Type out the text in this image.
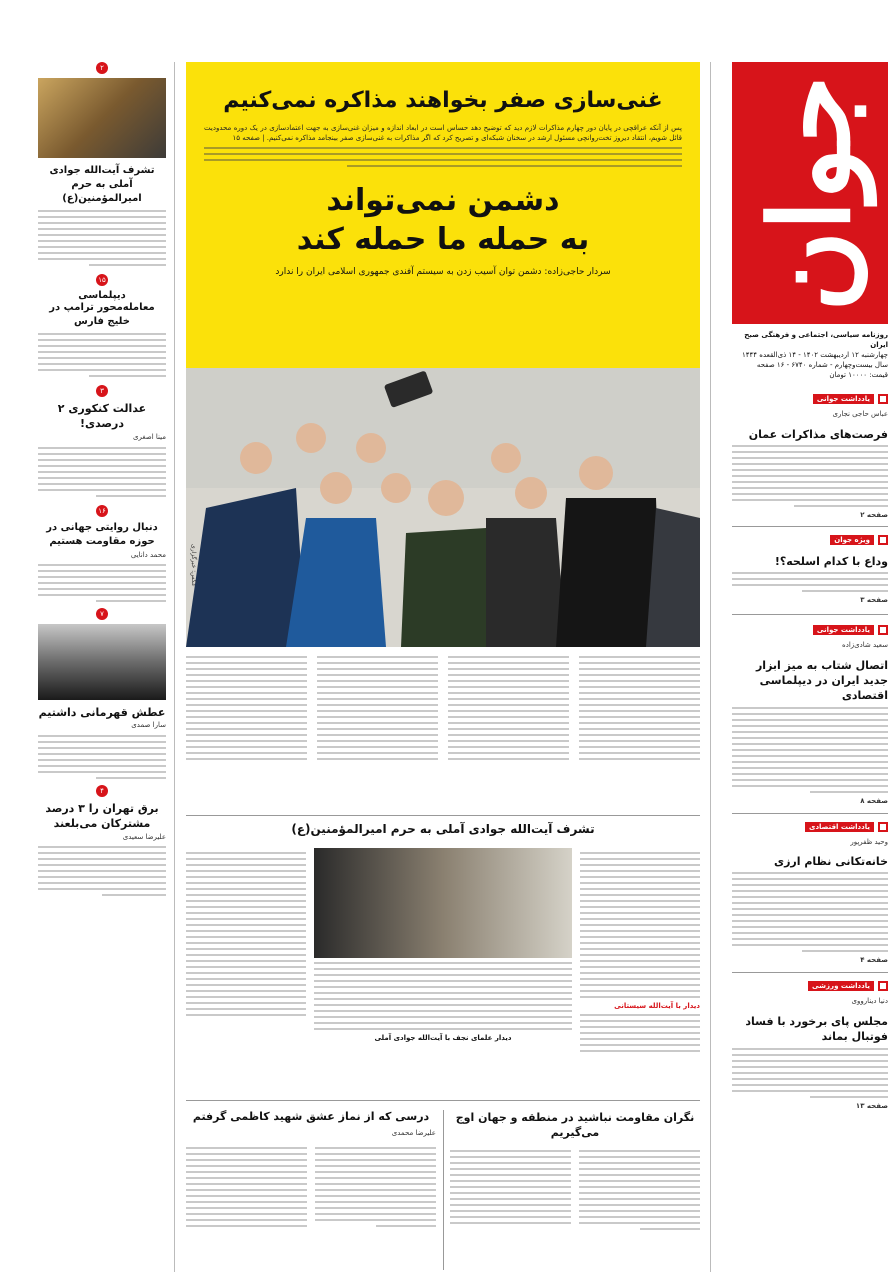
جوان
روزنامه سیاسی، اجتماعی و فرهنگی صبح ایران
چهارشنبه ۱۲ اردیبهشت ۱۴۰۲ - ۱۴ ذی‌القعده ۱۴۴۴
سال بیست‌وچهارم - شماره ۶۷۴۰ - ۱۶ صفحه
قیمت: ۱۰۰۰۰ تومان
یادداشت جوانی
عباس حاجی نجاری
فرصت‌های مذاکرات عمان
صفحه ۲
ویژه جوان
وداع با کدام اسلحه؟!
صفحه ۳
یادداشت جوانی
سعید شادی‌زاده
اتصال شتاب به میز ابزار جدید ایران در دیپلماسی اقتصادی
صفحه ۸
یادداشت اقتصادی
وحید ظفرپور
خانه‌تکانی نظام ارزی
صفحه ۴
یادداشت ورزشی
دنیا دینارووی
مجلس پای برخورد با فساد فوتبال بماند
صفحه ۱۳
غنی‌سازی صفر بخواهند مذاکره نمی‌کنیم
پس از آنکه عراقچی در پایان دور چهارم مذاکرات لازم دید که توضیح دهد حساس است در ابعاد اندازه و میزان غنی‌سازی به جهت اعتمادسازی در یک دوره محدودیت قائل شویم، انتقاد دیروز تخت‌روانچی مسئول ارشد در سخنان شبکه‌ای و تصریح کرد که اگر مذاکرات به غنی‌سازی صفر بینجامد مذاکره نمی‌کنیم. | صفحه ۱۵
دشمن نمی‌تواند
به حمله ما حمله کند
سردار حاجی‌زاده: دشمن توان آسیب زدن به سیستم آفندی جمهوری اسلامی ایران را ندارد
عکس: خبرگزاری
۲
تشرف آیت‌الله جوادی آملی به حرم امیرالمؤمنین(ع)
۱۵
دیپلماسی
معامله‌محور ترامپ در خلیج فارس
۳
عدالت کنکوری ۲ درصدی!
مینا اصغری
۱۶
دنبال روایتی جهانی در حوزه مقاومت هستیم
محمد دانایی
۷
عطش قهرمانی داشتیم
سارا صمدی
۴
برق تهران را ۳ درصد مشترکان می‌بلعند
علیرضا سعیدی
تشرف آیت‌الله جوادی آملی به حرم امیرالمؤمنین(ع)
دیدار با آیت‌الله سیستانی
دیدار علمای نجف با آیت‌الله جوادی آملی
درسی که از نماز عشق شهید کاظمی گرفتم
علیرضا محمدی
نگران مقاومت نباشید در منطقه و جهان اوج می‌گیریم
